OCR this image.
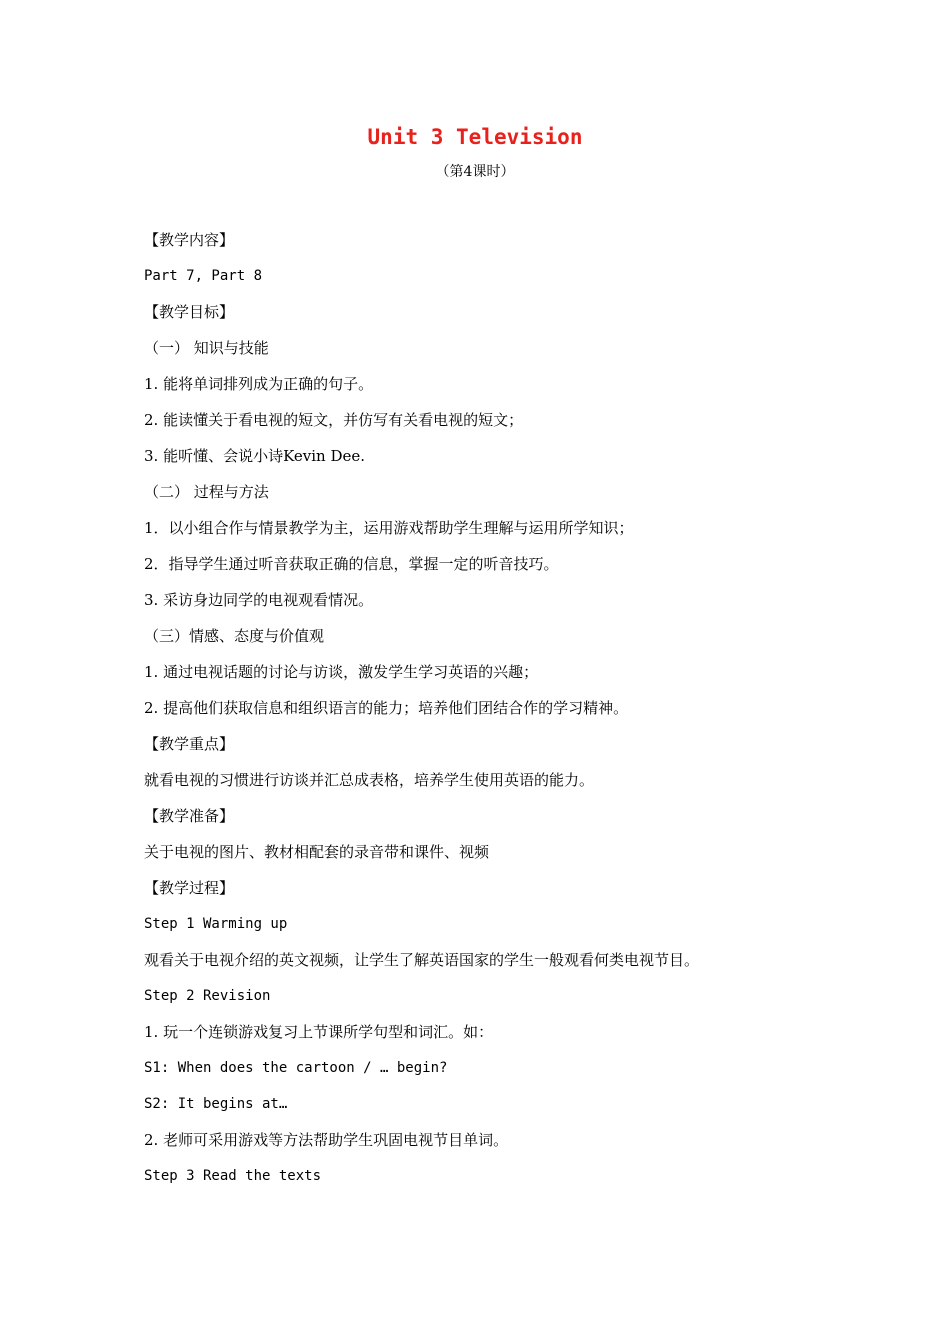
Unit 3 Television
（第4课时）
【教学内容】
Part 7, Part 8
【教学目标】
（一） 知识与技能
1. 能将单词排列成为正确的句子。
2. 能读懂关于看电视的短文，并仿写有关看电视的短文；
3. 能听懂、会说小诗Kevin Dee.
（二） 过程与方法
1．以小组合作与情景教学为主，运用游戏帮助学生理解与运用所学知识；
2．指导学生通过听音获取正确的信息，掌握一定的听音技巧。
3. 采访身边同学的电视观看情况。
（三）情感、态度与价值观
1. 通过电视话题的讨论与访谈，激发学生学习英语的兴趣；
2. 提高他们获取信息和组织语言的能力；培养他们团结合作的学习精神。
【教学重点】
就看电视的习惯进行访谈并汇总成表格，培养学生使用英语的能力。
【教学准备】
关于电视的图片、教材相配套的录音带和课件、视频
【教学过程】
Step 1 Warming up
观看关于电视介绍的英文视频，让学生了解英语国家的学生一般观看何类电视节目。
Step 2 Revision
1. 玩一个连锁游戏复习上节课所学句型和词汇。如：
S1: When does the cartoon / … begin?
S2: It begins at…
2. 老师可采用游戏等方法帮助学生巩固电视节目单词。
Step 3 Read the texts
